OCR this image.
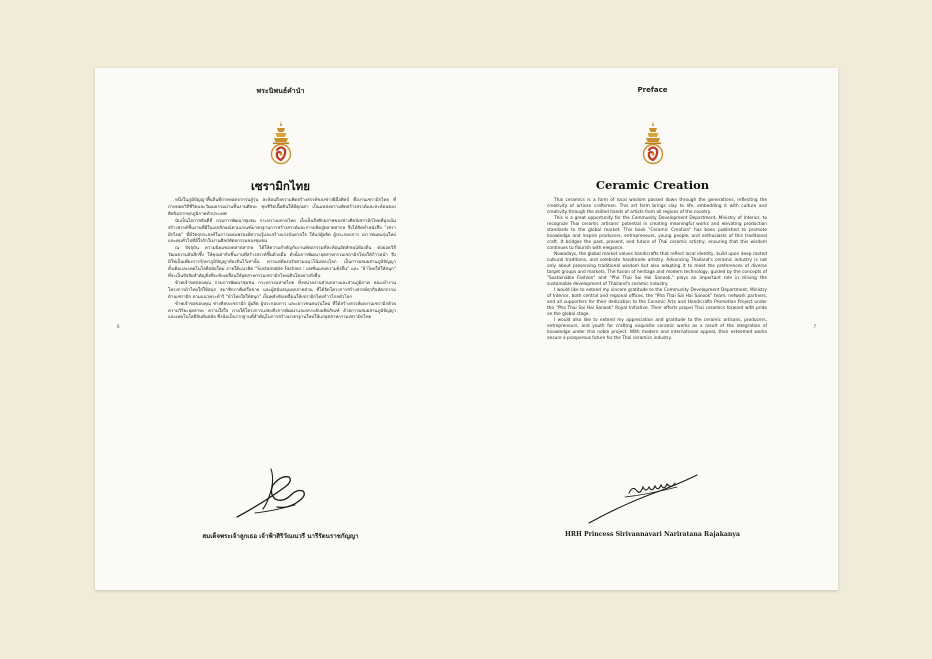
พระนิพนธ์คำนำ
เซรามิกไทย

หนึ่งในภูมิปัญญาพื้นถิ่นที่ถ่ายทอดจากรุ่นสู่รุ่น สะท้อนถึงความคิดสร้างสรรค์ของช่างฝีมือศิลป์ คืองานเซรามิกไทย ที่ถ่ายทอดวิถีชีวิตและวัฒนธรรมผ่านชิ้นงานศิลปะ ชุบชีวิตเนื้อดินให้มีคุณค่า เป็นแหล่งความคิดสร้างสรรค์และสะท้อนของศิลปินจากทุกภูมิภาคทั่วประเทศ

นับเป็นโอกาสอันดีที่ กรมการพัฒนาชุมชน กระทรวงมหาดไทย เล็งเห็นถึงศักยภาพของช่างศิลป์เซรามิกไทยที่มุ่งเน้นสร้างสรรค์ชิ้นงานที่มีในเอกลักษณ์ตามเกณฑ์มาตรฐานการสร้างสรรค์และการผลิตสู่ตลาดสากล จึงได้จัดทำหนังสือ “เซรามิกไทย” ที่มีวัตถุประสงค์ในการเผยแพร่องค์ความรู้และสร้างแรงบันดาลใจ ให้แก่ผู้ผลิต ผู้ประกอบการ เยาวชนคนรุ่นใหม่ และคนทั่วไปที่มีใจรักในงานศิลป์หัตถกรรมของชุมชน

ณ ปัจจุบัน ความนิยมของตลาดสากล ได้ให้ความสำคัญกับงานหัตถกรรมที่สะท้อนอัตลักษณ์ท้องถิ่น ต่อยอดวิถีวัฒนธรรมอันลึกซึ้ง ให้คุณค่ากับชิ้นงานที่สร้างสรรค์ขึ้นด้วยมือ ดังนั้นการพัฒนาอุตสาหกรรมเซรามิกไทยให้ก้าวหน้า จึงมิใช่เป็นเพียงการรักษาภูมิปัญญาท้องถิ่นไว้เท่านั้น หากแต่ต้องปรับตามแนวโน้มของโลก เป็นการผสมผสานภูมิปัญญาดั้งเดิมและเทคโนโลยีสมัยใหม่ ภายใต้แนวคิด “Sustainable Fashion : แฟชั่นแห่งความยั่งยืน” และ “ผ้าไทยใส่ให้สนุก” ที่จะเป็นปัจจัยสำคัญยิ่งที่จะขับเคลื่อนให้อุตสาหกรรมเซรามิกไทยเติบโตอย่างยั่งยืน

ข้าพเจ้าขอขอบคุณ กรมการพัฒนาชุมชน กระทรวงมหาดไทย ทั้งหน่วยงานส่วนกลางและส่วนภูมิภาค คณะทำงานโครงการผ้าไทยใส่ให้สนุก สมาชิกภาคีเครือข่าย และผู้สนับสนุนทุกภาคส่วน ที่ได้จัดโครงการสร้างสรรค์ธุรกิจหัตถกรรม ด้านเซรามิก ตามแนวพระดำริ “ผ้าไทยใส่ให้สนุก” เป็นพลังขับเคลื่อนให้เซรามิกไทยก้าวไกลทั่วโลก

ข้าพเจ้าขอขอบคุณ ช่างศิลปะเซรามิก ผู้ผลิต ผู้ประกอบการ และเยาวชนคนรุ่นใหม่ ที่ได้สร้างสรรค์ผลงานเซรามิกด้วยความวิริยะอุตสาหะ ความใส่ใจ ภายใต้โครงการแสดงถึงการพัฒนาและยกระดับผลิตภัณฑ์ ด้วยการผสมผสานภูมิปัญญาและเทคโนโลยีอันทันสมัย ซึ่งนับเป็นรากฐานที่สำคัญในการสร้างมาตรฐานใหม่ให้แก่อุตสาหกรรมเซรามิกไทย

6
สมเด็จพระเจ้าลูกเธอ เจ้าฟ้าสิริวัณณวรี นารีรัตนราชกัญญา
Preface
Ceramic Creation

Thai ceramics is a form of local wisdom passed down through the generations, reflecting the creativity of artisan craftsmen. This art form brings clay to life, embedding it with culture and creativity through the skilled hands of artists from all regions of the country.

This is a great opportunity for the Community Development Department, Ministry of Interior, to recognize Thai ceramic artisans' potential in creating meaningful works and elevating production standards to the global market. This book "Ceramic Creation" has been published to promote knowledge and inspire producers, entrepreneurs, young people, and enthusiasts of this traditional craft. It bridges the past, present, and future of Thai ceramic artistry, ensuring that this wisdom continues to flourish with elegance.

Nowadays, the global market values handicrafts that reflect local identity, build upon deep rooted cultural traditions, and celebrate handmade artistry. Advancing Thailand's ceramic industry is not only about preserving traditional wisdom but also adapting it to meet the preferences of diverse target groups and markets. The fusion of heritage and modern technology, guided by the concepts of "Sustainable Fashion" and "Pha Thai Sai Hai Sanook," plays an important role in driving the sustainable development of Thailand's ceramic industry.

I would like to extend my sincere gratitude to the Community Development Department, Ministry of Interior, both central and regional offices, the "Pha Thai Sai Hai Sanook" team, network partners, and all supporters for their dedication to the Ceramic Arts and Handicrafts Promotion Project under the "Pha Thai Sai Hai Sanook" Royal Initiative. Their efforts propel Thai ceramics forward with pride on the global stage.

I would also like to extend my appreciation and gratitude to the ceramic artisans, producers, entrepreneurs, and youth for crafting exquisite ceramic works as a result of the integration of knowledge under this noble project. With modern and international appeal, their esteemed works ensure a prosperous future for the Thai ceramics industry.

7
HRH Princess Sirivannavari Nariratana Rajakanya
